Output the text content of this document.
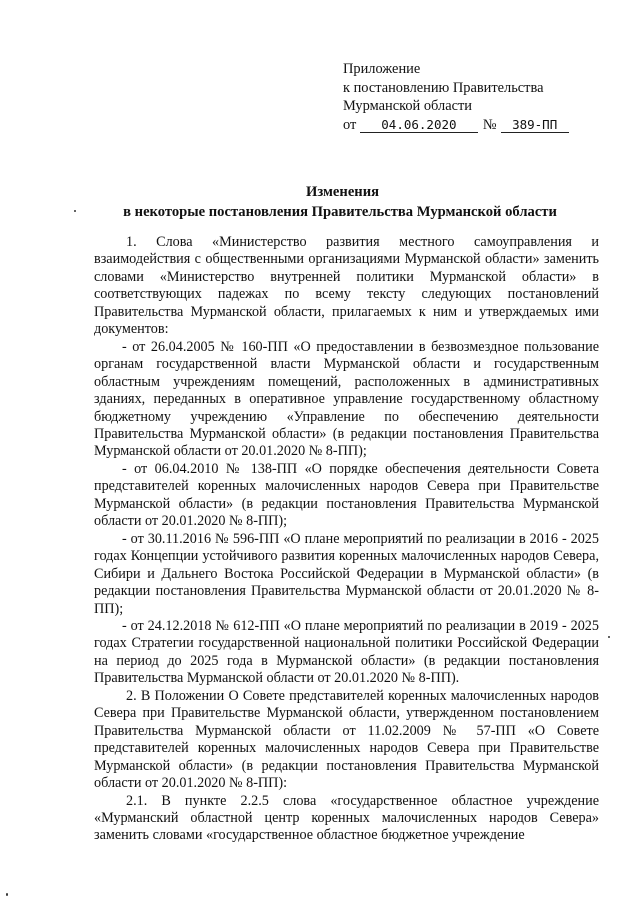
Приложение
к постановлению Правительства
Мурманской области
от 04.06.2020 № 389-ПП
Изменения
в некоторые постановления Правительства Мурманской области

1. Слова «Министерство развития местного самоуправления и взаимодействия с общественными организациями Мурманской области» заменить словами «Министерство внутренней политики Мурманской области» в соответствующих падежах по всему тексту следующих постановлений Правительства Мурманской области, прилагаемых к ним и утверждаемых ими документов:

- от 26.04.2005 № 160-ПП «О предоставлении в безвозмездное пользование органам государственной власти Мурманской области и государственным областным учреждениям помещений, расположенных в административных зданиях, переданных в оперативное управление государственному областному бюджетному учреждению «Управление по обеспечению деятельности Правительства Мурманской области» (в редакции постановления Правительства Мурманской области от 20.01.2020 № 8-ПП);

- от 06.04.2010 № 138-ПП «О порядке обеспечения деятельности Совета представителей коренных малочисленных народов Севера при Правительстве Мурманской области» (в редакции постановления Правительства Мурманской области от 20.01.2020 № 8-ПП);

- от 30.11.2016 № 596-ПП «О плане мероприятий по реализации в 2016 - 2025 годах Концепции устойчивого развития коренных малочисленных народов Севера, Сибири и Дальнего Востока Российской Федерации в Мурманской области» (в редакции постановления Правительства Мурманской области от 20.01.2020 № 8-ПП);

- от 24.12.2018 № 612-ПП «О плане мероприятий по реализации в 2019 - 2025 годах Стратегии государственной национальной политики Российской Федерации на период до 2025 года в Мурманской области» (в редакции постановления Правительства Мурманской области от 20.01.2020 № 8-ПП).

2. В Положении О Совете представителей коренных малочисленных народов Севера при Правительстве Мурманской области, утвержденном постановлением Правительства Мурманской области от 11.02.2009 № 57-ПП «О Совете представителей коренных малочисленных народов Севера при Правительстве Мурманской области» (в редакции постановления Правительства Мурманской области от 20.01.2020 № 8-ПП):

2.1. В пункте 2.2.5 слова «государственное областное учреждение «Мурманский областной центр коренных малочисленных народов Севера» заменить словами «государственное областное бюджетное учреждение
